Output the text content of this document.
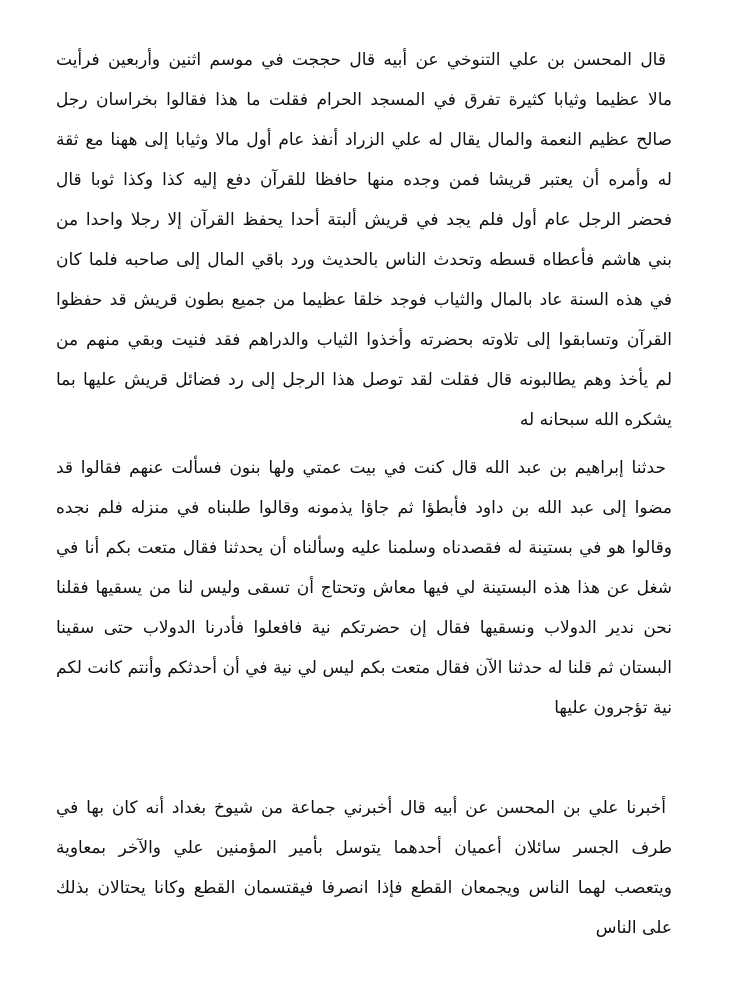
قال المحسن بن علي التنوخي عن أبيه قال حججت في موسم اثنين وأربعين فرأيت
مالا عظيما وثيابا كثيرة تفرق في المسجد الحرام فقلت ما هذا فقالوا بخراسان رجل
صالح عظيم النعمة والمال يقال له علي الزراد أنفذ عام أول مالا وثيابا إلى ههنا مع ثقة
له وأمره أن يعتبر قريشا فمن وجده منها حافظا للقرآن دفع إليه كذا وكذا ثوبا قال
فحضر الرجل عام أول فلم يجد في قريش ألبتة أحدا يحفظ القرآن إلا رجلا واحدا من
بني هاشم فأعطاه قسطه وتحدث الناس بالحديث ورد باقي المال إلى صاحبه فلما كان
في هذه السنة عاد بالمال والثياب فوجد خلقا عظيما من جميع بطون قريش قد حفظوا
القرآن وتسابقوا إلى تلاوته بحضرته وأخذوا الثياب والدراهم فقد فنيت وبقي منهم من
لم يأخذ وهم يطالبونه قال فقلت لقد توصل هذا الرجل إلى رد فضائل قريش عليها بما
يشكره الله سبحانه له
حدثنا إبراهيم بن عبد الله قال كنت في بيت عمتي ولها بنون فسألت عنهم فقالوا قد
مضوا إلى عبد الله بن داود فأبطؤا ثم جاؤا يذمونه وقالوا طلبناه في منزله فلم نجده
وقالوا هو في بستينة له فقصدناه وسلمنا عليه وسألناه أن يحدثنا فقال متعت بكم أنا في
شغل عن هذا هذه البستينة لي فيها معاش وتحتاج أن تسقى وليس لنا من يسقيها فقلنا
نحن ندير الدولاب ونسقيها فقال إن حضرتكم نية فافعلوا فأدرنا الدولاب حتى سقينا
البستان ثم قلنا له حدثنا الآن فقال متعت بكم ليس لي نية في أن أحدثكم وأنتم كانت لكم
نية تؤجرون عليها
أخبرنا علي بن المحسن عن أبيه قال أخبرني جماعة من شيوخ بغداد أنه كان بها في
طرف الجسر سائلان أعميان أحدهما يتوسل بأمير المؤمنين علي والآخر بمعاوية
ويتعصب لهما الناس ويجمعان القطع فإذا انصرفا فيقتسمان القطع وكانا يحتالان بذلك
على الناس
